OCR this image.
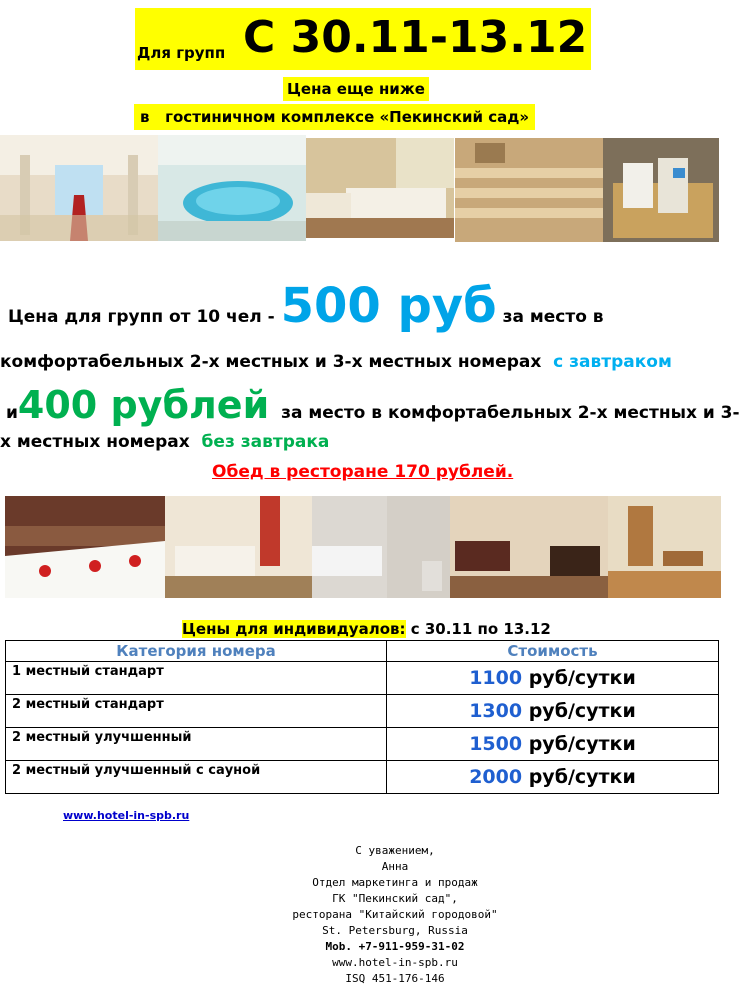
Для групп С 30.11-13.12
Цена еще ниже
в   гостиничном комплексе «Пекинский сад»
Цена для групп от 10 чел - 500 руб за место в
комфортабельных 2-х местных и 3-х местных номерах с завтраком
и400 рублей за место в комфортабельных 2-х местных и 3-
х местных номерах без завтрака
Обед в ресторане 170 рублей.
Цены для индивидуалов: с 30.11 по 13.12
Категория номера	Стоимость
1 местный стандарт	1100 руб/сутки
2 местный стандарт	1300 руб/сутки
2 местный улучшенный	1500 руб/сутки
2 местный улучшенный с сауной	2000 руб/сутки
www.hotel-in-spb.ru
С уважением,
Анна
Отдел маркетинга и продаж
ГК "Пекинский сад",
ресторана "Китайский городовой"
St. Petersburg, Russia
Mob. +7-911-959-31-02
www.hotel-in-spb.ru
ISQ 451-176-146
